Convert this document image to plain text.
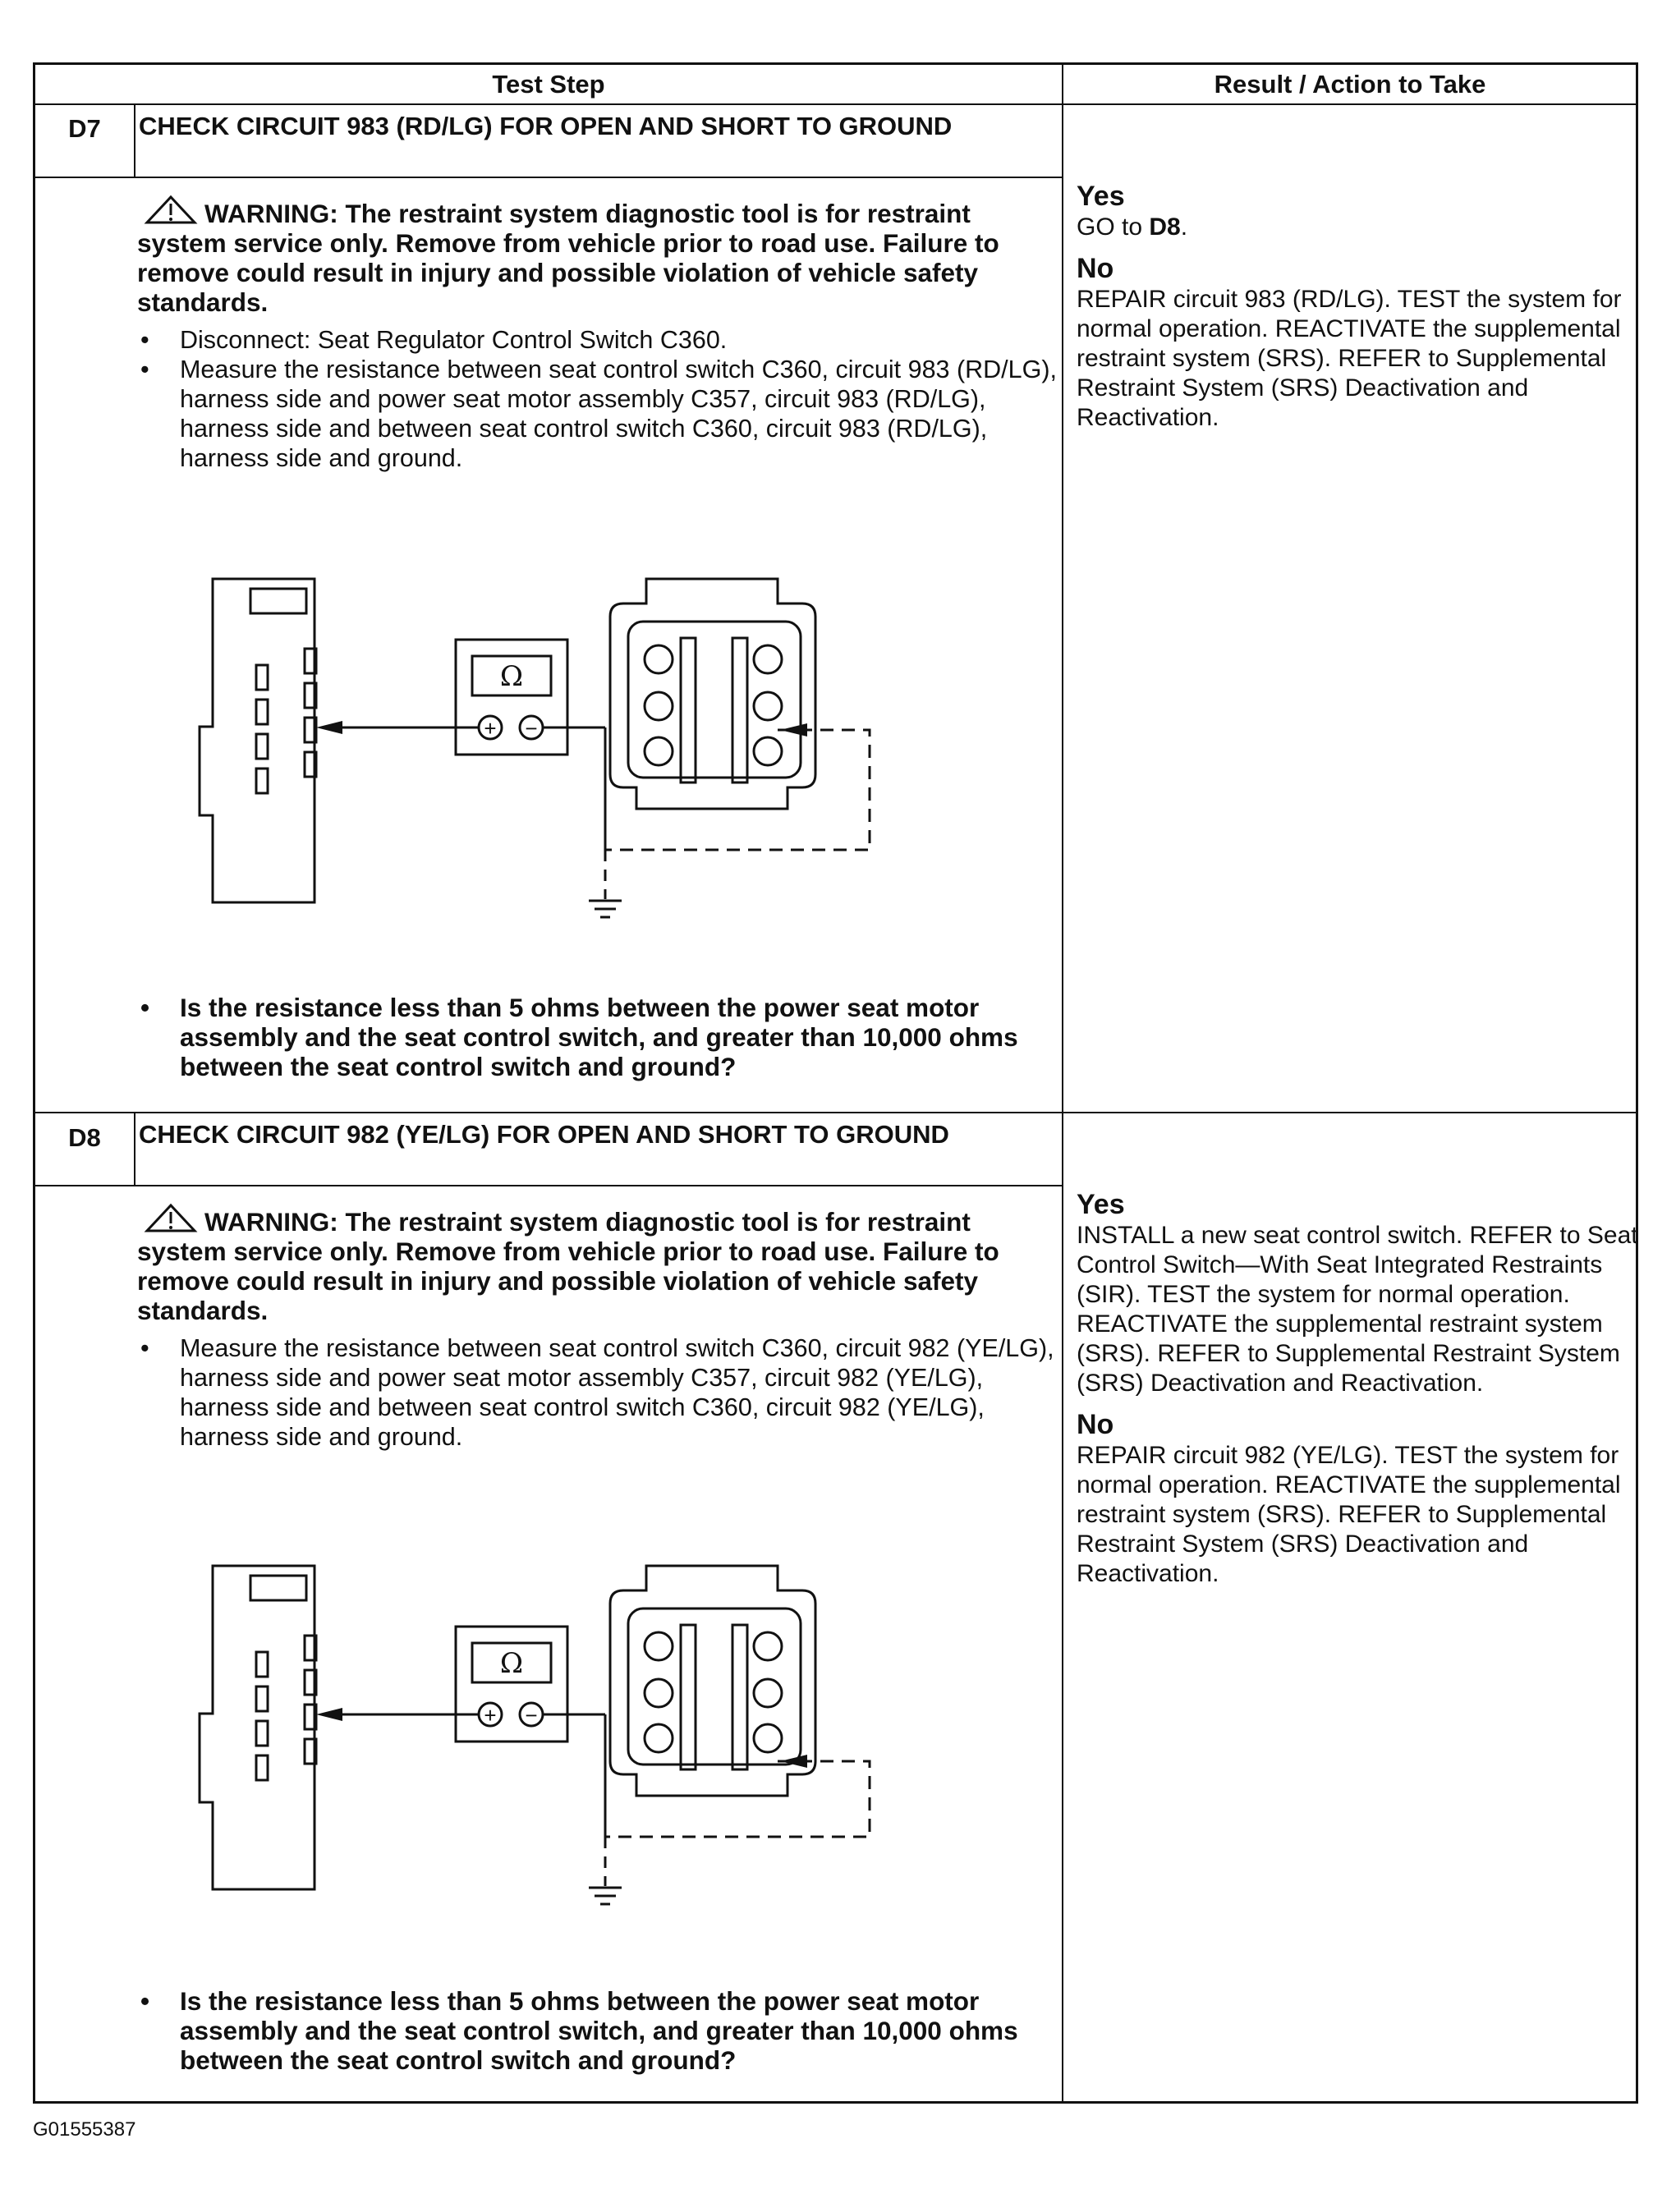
Test Step	Result / Action to Take
D7	CHECK CIRCUIT 983 (RD/LG) FOR OPEN AND SHORT TO GROUND
WARNING: The restraint system diagnostic tool is for restraint system service only. Remove from vehicle prior to road use. Failure to remove could result in injury and possible violation of vehicle safety standards.
• Disconnect: Seat Regulator Control Switch C360.
• Measure the resistance between seat control switch C360, circuit 983 (RD/LG), harness side and power seat motor assembly C357, circuit 983 (RD/LG), harness side and between seat control switch C360, circuit 983 (RD/LG), harness side and ground.
Ω
+ −
•	Is the resistance less than 5 ohms between the power seat motor assembly and the seat control switch, and greater than 10,000 ohms between the seat control switch and ground?
Yes
GO to D8.
No
REPAIR circuit 983 (RD/LG). TEST the system for normal operation. REACTIVATE the supplemental restraint system (SRS). REFER to Supplemental Restraint System (SRS) Deactivation and Reactivation.
D8	CHECK CIRCUIT 982 (YE/LG) FOR OPEN AND SHORT TO GROUND
WARNING: The restraint system diagnostic tool is for restraint system service only. Remove from vehicle prior to road use. Failure to remove could result in injury and possible violation of vehicle safety standards.
• Measure the resistance between seat control switch C360, circuit 982 (YE/LG), harness side and power seat motor assembly C357, circuit 982 (YE/LG), harness side and between seat control switch C360, circuit 982 (YE/LG), harness side and ground.
Ω
+ −
•	Is the resistance less than 5 ohms between the power seat motor assembly and the seat control switch, and greater than 10,000 ohms between the seat control switch and ground?
Yes
INSTALL a new seat control switch. REFER to Seat Control Switch—With Seat Integrated Restraints (SIR). TEST the system for normal operation. REACTIVATE the supplemental restraint system (SRS). REFER to Supplemental Restraint System (SRS) Deactivation and Reactivation.
No
REPAIR circuit 982 (YE/LG). TEST the system for normal operation. REACTIVATE the supplemental restraint system (SRS). REFER to Supplemental Restraint System (SRS) Deactivation and Reactivation.
G01555387
